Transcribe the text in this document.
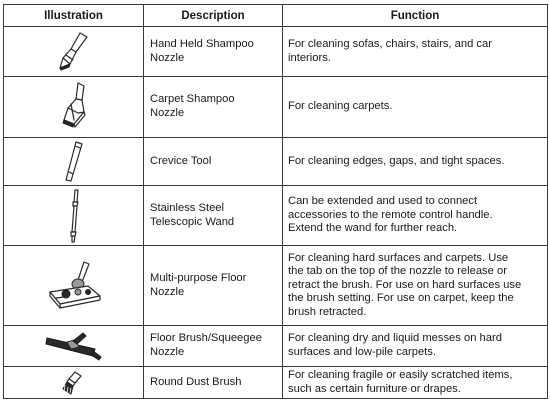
Illustration	Description	Function

	Hand Held Shampoo
Nozzle	For cleaning sofas, chairs, stairs, and car
interiors.

	Carpet Shampoo
Nozzle	For cleaning carpets.

	Crevice Tool	For cleaning edges, gaps, and tight spaces.

	Stainless Steel
Telescopic Wand	Can be extended and used to connect
accessories to the remote control handle.
Extend the wand for further reach.

	Multi-purpose Floor
Nozzle	For cleaning hard surfaces and carpets. Use
the tab on the top of the nozzle to release or
retract the brush. For use on hard surfaces use
the brush setting. For use on carpet, keep the
brush retracted.

	Floor Brush/Squeegee
Nozzle	For cleaning dry and liquid messes on hard
surfaces and low-pile carpets.

	Round Dust Brush	For cleaning fragile or easily scratched items,
such as certain furniture or drapes.
